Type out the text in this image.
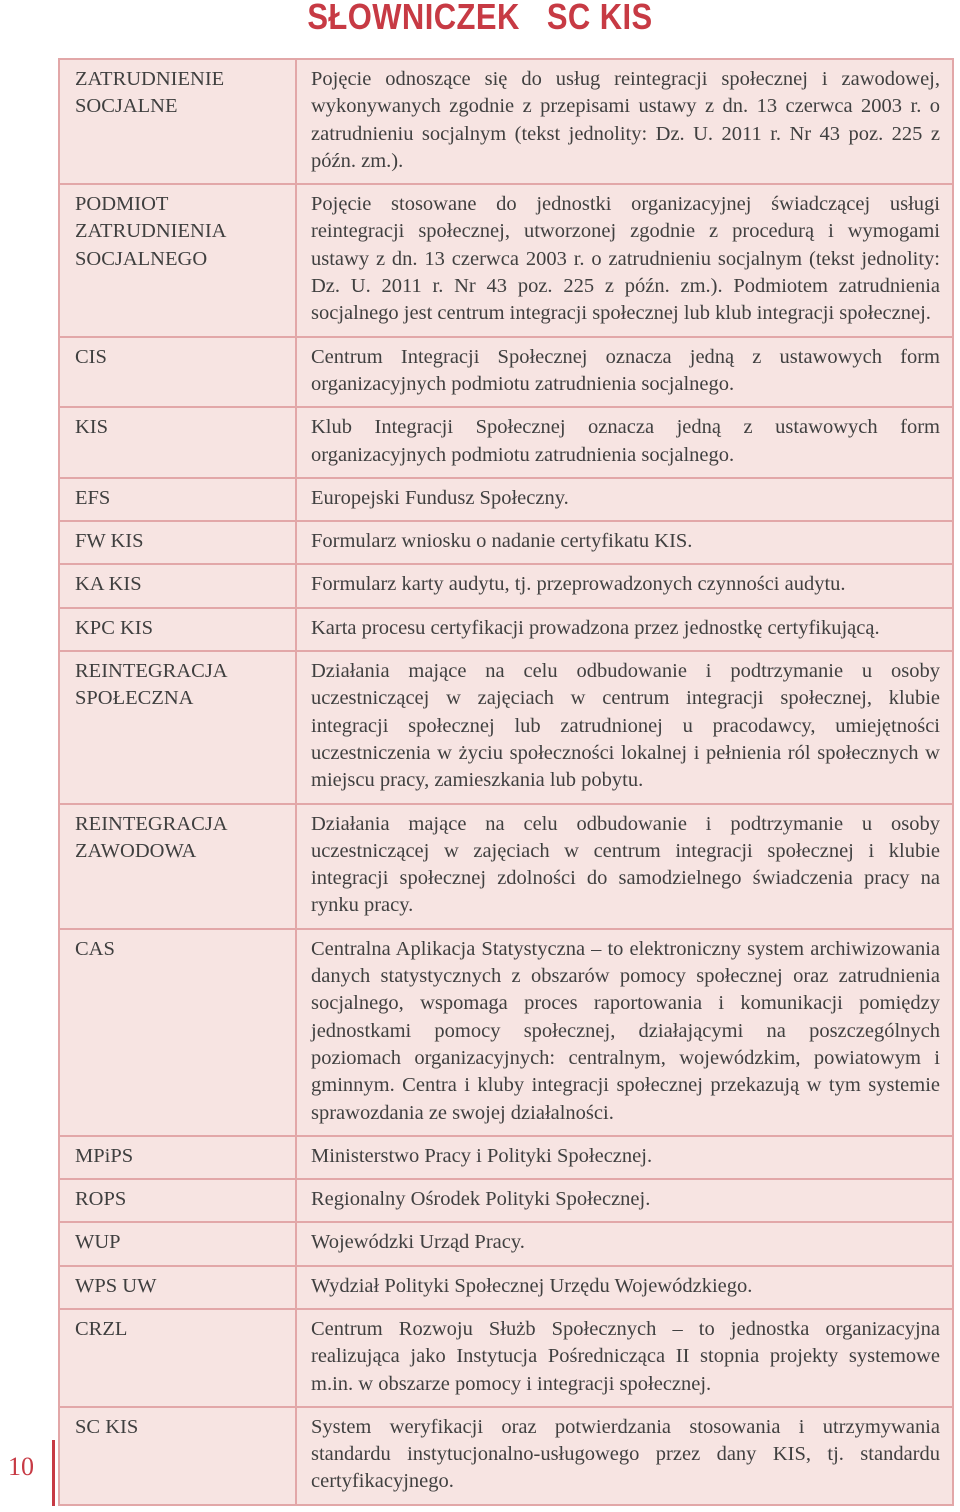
SŁOWNICZEK   SC KIS
ZATRUDNIENIE SOCJALNE	Pojęcie odnoszące się do usług reintegracji społecznej i zawodowej, wykonywanych zgodnie z przepisami ustawy z dn. 13 czerwca 2003 r. o zatrudnieniu socjalnym (tekst jednolity: Dz. U. 2011 r. Nr 43 poz. 225 z późn. zm.).
PODMIOT ZATRUDNIENIA SOCJALNEGO	Pojęcie stosowane do jednostki organizacyjnej świadczącej usługi reintegracji społecznej, utworzonej zgodnie z procedurą i wymogami ustawy z dn. 13 czerwca 2003 r. o zatrudnieniu socjalnym (tekst jednolity: Dz. U. 2011 r. Nr 43 poz. 225 z późn. zm.). Podmiotem zatrudnienia socjalnego jest centrum integracji społecznej lub klub integracji społecznej.
CIS	Centrum Integracji Społecznej oznacza jedną z ustawowych form organizacyjnych podmiotu zatrudnienia socjalnego.
KIS	Klub Integracji Społecznej oznacza jedną z ustawowych form organizacyjnych podmiotu zatrudnienia socjalnego.
EFS	Europejski Fundusz Społeczny.
FW KIS	Formularz wniosku o nadanie certyfikatu KIS.
KA KIS	Formularz karty audytu, tj. przeprowadzonych czynności audytu.
KPC KIS	Karta procesu certyfikacji prowadzona przez jednostkę certyfikującą.
REINTEGRACJA SPOŁECZNA	Działania mające na celu odbudowanie i podtrzymanie u osoby uczestniczącej w zajęciach w centrum integracji społecznej, klubie integracji społecznej lub zatrudnionej u pracodawcy, umiejętności uczestniczenia w życiu społeczności lokalnej i pełnienia ról społecznych w miejscu pracy, zamieszkania lub pobytu.
REINTEGRACJA ZAWODOWA	Działania mające na celu odbudowanie i podtrzymanie u osoby uczestniczącej w zajęciach w centrum integracji społecznej i klubie integracji społecznej zdolności do samodzielnego świadczenia pracy na rynku pracy.
CAS	Centralna Aplikacja Statystyczna – to elektroniczny system archiwizowania danych statystycznych z obszarów pomocy społecznej oraz zatrudnienia socjalnego, wspomaga proces raportowania i komunikacji pomiędzy jednostkami pomocy społecznej, działającymi na poszczególnych poziomach organizacyjnych: centralnym, wojewódzkim, powiatowym i gminnym. Centra i kluby integracji społecznej przekazują w tym systemie sprawozdania ze swojej działalności.
MPiPS	Ministerstwo Pracy i Polityki Społecznej.
ROPS	Regionalny Ośrodek Polityki Społecznej.
WUP	Wojewódzki Urząd Pracy.
WPS UW	Wydział Polityki Społecznej Urzędu Wojewódzkiego.
CRZL	Centrum Rozwoju Służb Społecznych – to jednostka organizacyjna realizująca jako Instytucja Pośrednicząca II stopnia projekty systemowe m.in. w obszarze pomocy i integracji społecznej.
SC KIS	System weryfikacji oraz potwierdzania stosowania i utrzymywania standardu instytucjonalno-usługowego przez dany KIS, tj. standardu certyfikacyjnego.
10
